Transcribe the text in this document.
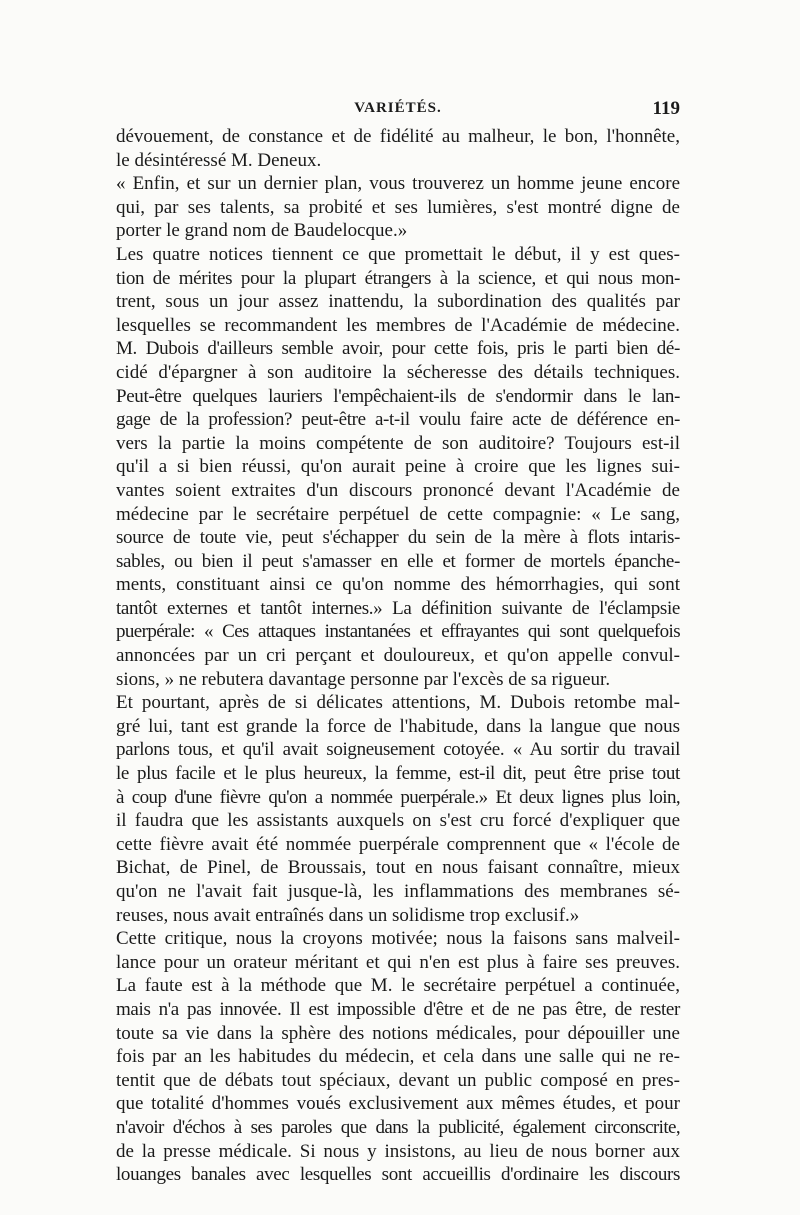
VARIÉTÉS.	119
dévouement, de constance et de fidélité au malheur, le bon, l'honnête,
le désintéressé M. Deneux.
« Enfin, et sur un dernier plan, vous trouverez un homme jeune encore
qui, par ses talents, sa probité et ses lumières, s'est montré digne de
porter le grand nom de Baudelocque.»
Les quatre notices tiennent ce que promettait le début, il y est ques-
tion de mérites pour la plupart étrangers à la science, et qui nous mon-
trent, sous un jour assez inattendu, la subordination des qualités par
lesquelles se recommandent les membres de l'Académie de médecine.
M. Dubois d'ailleurs semble avoir, pour cette fois, pris le parti bien dé-
cidé d'épargner à son auditoire la sécheresse des détails techniques.
Peut-être quelques lauriers l'empêchaient-ils de s'endormir dans le lan-
gage de la profession? peut-être a-t-il voulu faire acte de déférence en-
vers la partie la moins compétente de son auditoire? Toujours est-il
qu'il a si bien réussi, qu'on aurait peine à croire que les lignes sui-
vantes soient extraites d'un discours prononcé devant l'Académie de
médecine par le secrétaire perpétuel de cette compagnie: « Le sang,
source de toute vie, peut s'échapper du sein de la mère à flots intaris-
sables, ou bien il peut s'amasser en elle et former de mortels épanche-
ments, constituant ainsi ce qu'on nomme des hémorrhagies, qui sont
tantôt externes et tantôt internes.» La définition suivante de l'éclampsie
puerpérale: « Ces attaques instantanées et effrayantes qui sont quelquefois
annoncées par un cri perçant et douloureux, et qu'on appelle convul-
sions, » ne rebutera davantage personne par l'excès de sa rigueur.
Et pourtant, après de si délicates attentions, M. Dubois retombe mal-
gré lui, tant est grande la force de l'habitude, dans la langue que nous
parlons tous, et qu'il avait soigneusement cotoyée. « Au sortir du travail
le plus facile et le plus heureux, la femme, est-il dit, peut être prise tout
à coup d'une fièvre qu'on a nommée puerpérale.» Et deux lignes plus loin,
il faudra que les assistants auxquels on s'est cru forcé d'expliquer que
cette fièvre avait été nommée puerpérale comprennent que « l'école de
Bichat, de Pinel, de Broussais, tout en nous faisant connaître, mieux
qu'on ne l'avait fait jusque-là, les inflammations des membranes sé-
reuses, nous avait entraînés dans un solidisme trop exclusif.»
Cette critique, nous la croyons motivée; nous la faisons sans malveil-
lance pour un orateur méritant et qui n'en est plus à faire ses preuves.
La faute est à la méthode que M. le secrétaire perpétuel a continuée,
mais n'a pas innovée. Il est impossible d'être et de ne pas être, de rester
toute sa vie dans la sphère des notions médicales, pour dépouiller une
fois par an les habitudes du médecin, et cela dans une salle qui ne re-
tentit que de débats tout spéciaux, devant un public composé en pres-
que totalité d'hommes voués exclusivement aux mêmes études, et pour
n'avoir d'échos à ses paroles que dans la publicité, également circonscrite,
de la presse médicale. Si nous y insistons, au lieu de nous borner aux
louanges banales avec lesquelles sont accueillis d'ordinaire les discours
